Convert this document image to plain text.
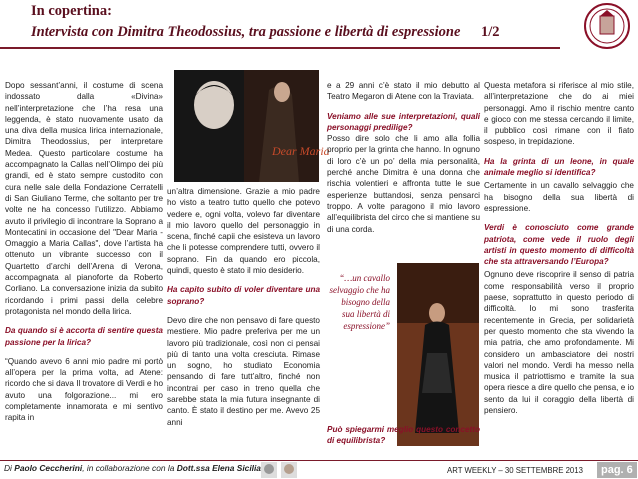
In copertina:
Intervista con Dimitra Theodossius, tra passione e libertà di espressione 1/2

Dopo sessant’anni, il costume di scena indossato dalla «Divina» nell’interpretazione che l’ha resa una leggenda, è stato nuovamente usato da una diva della musica lirica internazionale, Dimitra Theodossius, per interpretare Medea. Questo particolare costume ha accompagnato la Callas nell’Olimpo dei più grandi, ed è stato sempre custodito con cura nelle sale della Fondazione Cerratelli di San Giuliano Terme, che soltanto per tre volte ne ha concesso l’utilizzo. Abbiamo avuto il privilegio di incontrare la Soprano a Montecatini in occasione del "Dear Maria - Omaggio a Maria Callas", dove l’artista ha ottenuto un vibrante successo con il Quartetto d’archi dell’Arena di Verona, accompagnata al pianoforte da Roberto Corliano. La conversazione inizia da subito ricordando i primi passi della celebre protagonista nel mondo della lirica.

Da quando si è accorta di sentire questa passione per la lirica?

“Quando avevo 6 anni mio padre mi portò all’opera per la prima volta, ad Atene: ricordo che si dava Il trovatore di Verdi e ho avuto una folgorazione... mi ero completamente innamorata e mi sentivo rapita in

Dear Maria

un’altra dimensione. Grazie a mio padre ho visto a teatro tutto quello che potevo vedere e, ogni volta, volevo far diventare il mio lavoro quello del personaggio in scena, finché capii che esisteva un lavoro che li potesse comprendere tutti, ovvero il soprano. Fin da quando ero piccola, quindi, questo è stato il mio desiderio.

Ha capito subito di voler diventare una soprano?

Devo dire che non pensavo di fare questo mestiere. Mio padre preferiva per me un lavoro più tradizionale, così non ci pensai più di tanto una volta cresciuta. Rimase un sogno, ho studiato Economia pensando di fare tutt’altro, finché non incontrai per caso in treno quella che sarebbe stata la mia futura insegnante di canto. È stato il destino per me. Avevo 25 anni

e a 29 anni c’è stato il mio debutto al Teatro Megaron di Atene con la Traviata.

Veniamo alle sue interpretazioni, quali personaggi predilige?

Posso dire solo che li amo alla follia proprio per la grinta che hanno. In ognuno di loro c’è un po’ della mia personalità, perché anche Dimitra è una donna che rischia volentieri e affronta tutte le sue esperienze buttandosi, senza pensarci troppo. A volte paragono il mio lavoro all’equilibrista del circo che si mantiene su di una corda.

“…un cavallo selvaggio che ha bisogno della sua libertà di espressione”

Può spiegarmi meglio questo concetto di equilibrista?

Questa metafora si riferisce al mio stile, all’interpretazione che do ai miei personaggi. Amo il rischio mentre canto e gioco con me stessa cercando il limite, il pubblico così rimane con il fiato sospeso, in trepidazione.

Ha la grinta di un leone, in quale animale meglio si identifica?

Certamente in un cavallo selvaggio che ha bisogno della sua libertà di espressione.

Verdi è conosciuto come grande patriota, come vede il ruolo degli artisti in questo momento di difficoltà che sta attraversando l’Europa?

Ognuno deve riscoprire il senso di patria come responsabilità verso il proprio paese, soprattutto in questo periodo di difficoltà. Io mi sono trasferita recentemente in Grecia, per solidarietà per questo momento che sta vivendo la mia patria, che amo profondamente. Mi considero un ambasciatore dei nostri valori nel mondo. Verdi ha messo nella musica il patriottismo e tramite la sua opera riesce a dire quello che pensa, e io sento da lui il coraggio della libertà di pensiero.

Di Paolo Ceccherini, in collaborazione con la Dott.ssa Elena Sicilia	ART WEEKLY – 30 SETTEMBRE 2013	pag. 6
